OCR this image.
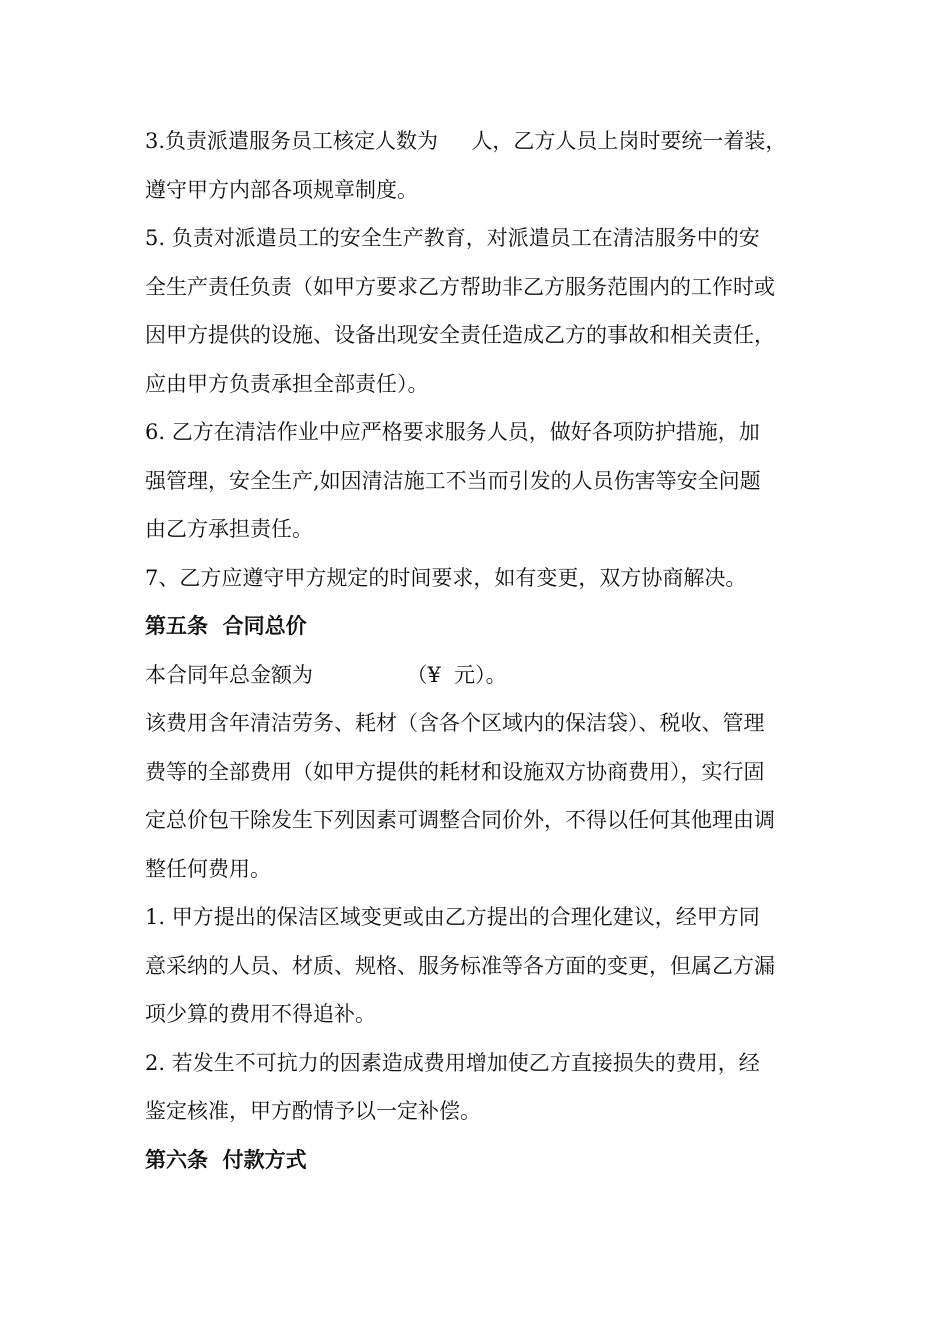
3.负责派遣服务员工核定人数为     人，乙方人员上岗时要统一着装，
遵守甲方内部各项规章制度。
5. 负责对派遣员工的安全生产教育，对派遣员工在清洁服务中的安
全生产责任负责（如甲方要求乙方帮助非乙方服务范围内的工作时或
因甲方提供的设施、设备出现安全责任造成乙方的事故和相关责任，
应由甲方负责承担全部责任）。
6. 乙方在清洁作业中应严格要求服务人员，做好各项防护措施，加
强管理，安全生产,如因清洁施工不当而引发的人员伤害等安全问题
由乙方承担责任。
7、乙方应遵守甲方规定的时间要求，如有变更，双方协商解决。
第五条  合同总价
本合同年总金额为              （¥  元）。
该费用含年清洁劳务、耗材（含各个区域内的保洁袋）、税收、管理
费等的全部费用（如甲方提供的耗材和设施双方协商费用），实行固
定总价包干除发生下列因素可调整合同价外，不得以任何其他理由调
整任何费用。
1. 甲方提出的保洁区域变更或由乙方提出的合理化建议，经甲方同
意采纳的人员、材质、规格、服务标准等各方面的变更，但属乙方漏
项少算的费用不得追补。
2. 若发生不可抗力的因素造成费用增加使乙方直接损失的费用，经
鉴定核准，甲方酌情予以一定补偿。
第六条  付款方式
